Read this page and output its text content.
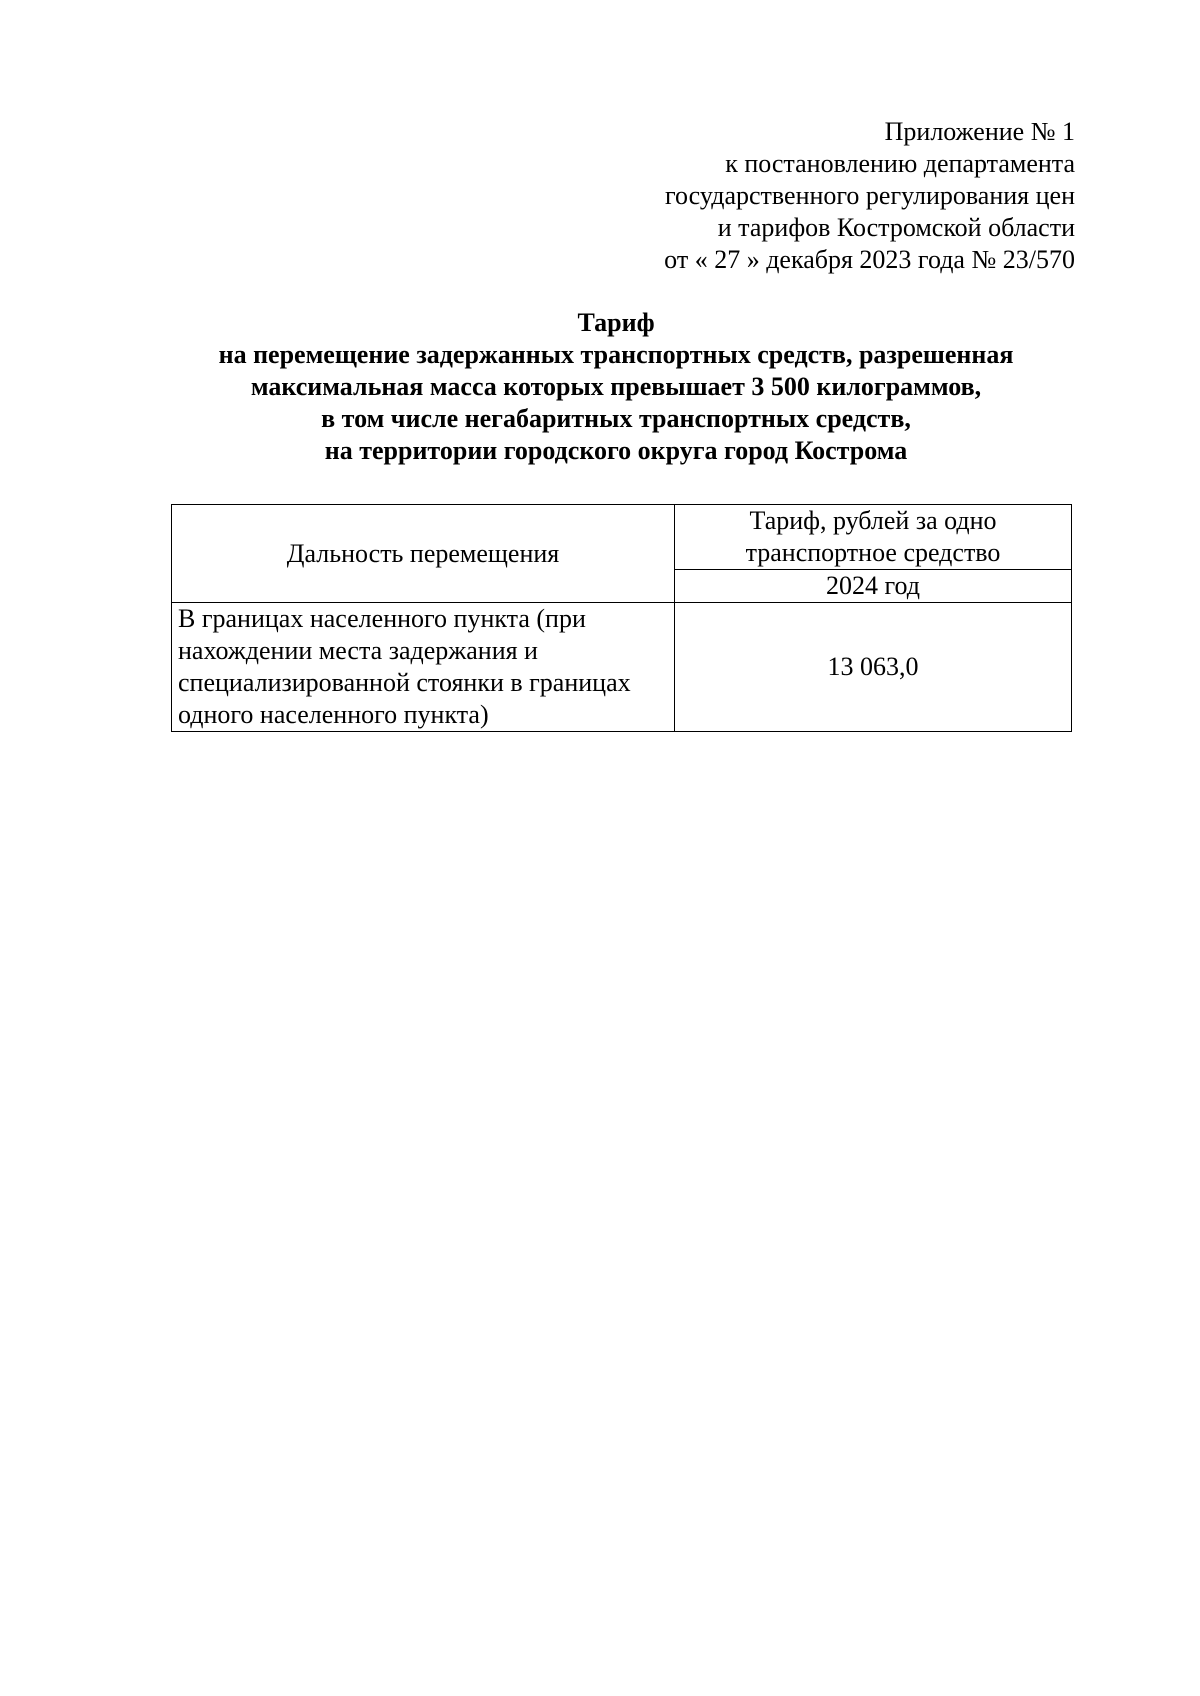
Приложение № 1
к постановлению департамента
государственного регулирования цен
и тарифов Костромской области
от « 27 » декабря 2023 года № 23/570
Тариф
на перемещение задержанных транспортных средств, разрешенная
максимальная масса которых превышает 3 500 килограммов,
в том числе негабаритных транспортных средств,
на территории городского округа город Кострома
Дальность перемещения	Тариф, рублей за одно
транспортное средство

	2024 год

В границах населенного пункта (при
нахождении места задержания и
специализированной стоянки в границах
одного населенного пункта)	13 063,0
